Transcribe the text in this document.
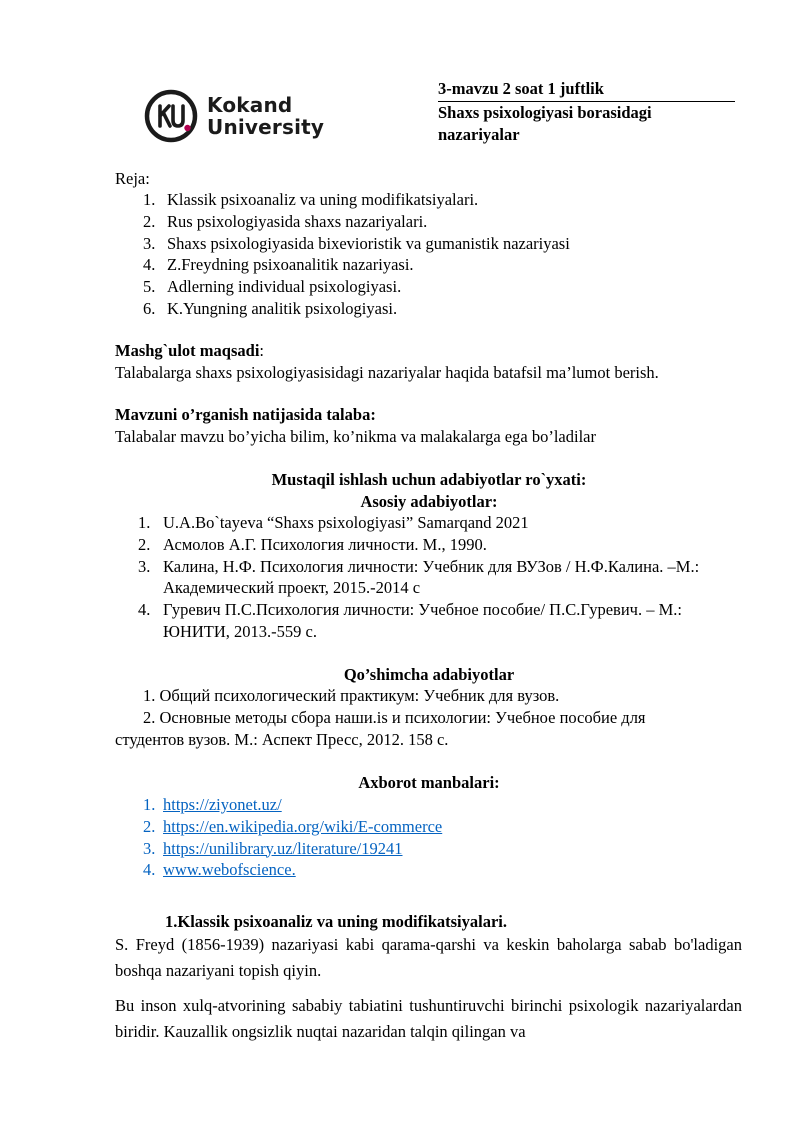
Kokand
University
3-mavzu 2 soat 1 juftlik
Shaxs psixologiyasi borasidagi nazariyalar
Reja:
1. Klassik psixoanaliz va uning modifikatsiyalari.
2. Rus psixologiyasida shaxs nazariyalari.
3. Shaxs psixologiyasida bixevioristik va gumanistik nazariyasi
4. Z.Freydning psixoanalitik nazariyasi.
5. Adlerning individual psixologiyasi.
6. K.Yungning analitik psixologiyasi.
Mashg`ulot maqsadi:
Talabalarga shaxs psixologiyasisidagi nazariyalar haqida batafsil ma’lumot berish.
Mavzuni o’rganish natijasida talaba:
Talabalar mavzu bo’yicha bilim, ko’nikma va malakalarga ega bo’ladilar
Mustaqil ishlash uchun adabiyotlar ro`yxati:
Asosiy adabiyotlar:
1. U.A.Bo`tayeva “Shaxs psixologiyasi” Samarqand 2021
2. Асмолов А.Г. Психология личности. М., 1990.
3. Калина, Н.Ф. Психология личности: Учебник для ВУЗов / Н.Ф.Калина. –М.: Академический проект, 2015.-2014 с
4. Гуревич П.С.Психология личности: Учебное пособие/ П.С.Гуревич. – М.: ЮНИТИ, 2013.-559 с.
Qo’shimcha adabiyotlar
1. Общий психологический практикум: Учебник для вузов.
2. Основные методы сбора наши.is и психологии: Учебное пособие для
студентов вузов. М.: Аспект Пресс, 2012. 158 с.
Axborot manbalari:
1. https://ziyonet.uz/
2. https://en.wikipedia.org/wiki/E-commerce
3. https://unilibrary.uz/literature/19241
4. www.webofscience.
1.Klassik psixoanaliz va uning modifikatsiyalari.
S. Freyd (1856-1939) nazariyasi kabi qarama-qarshi va keskin baholarga sabab bo'ladigan boshqa nazariyani topish qiyin.
Bu inson xulq-atvorining sababiy tabiatini tushuntiruvchi birinchi psixologik nazariyalardan biridir. Kauzallik ongsizlik nuqtai nazaridan talqin qilingan va
